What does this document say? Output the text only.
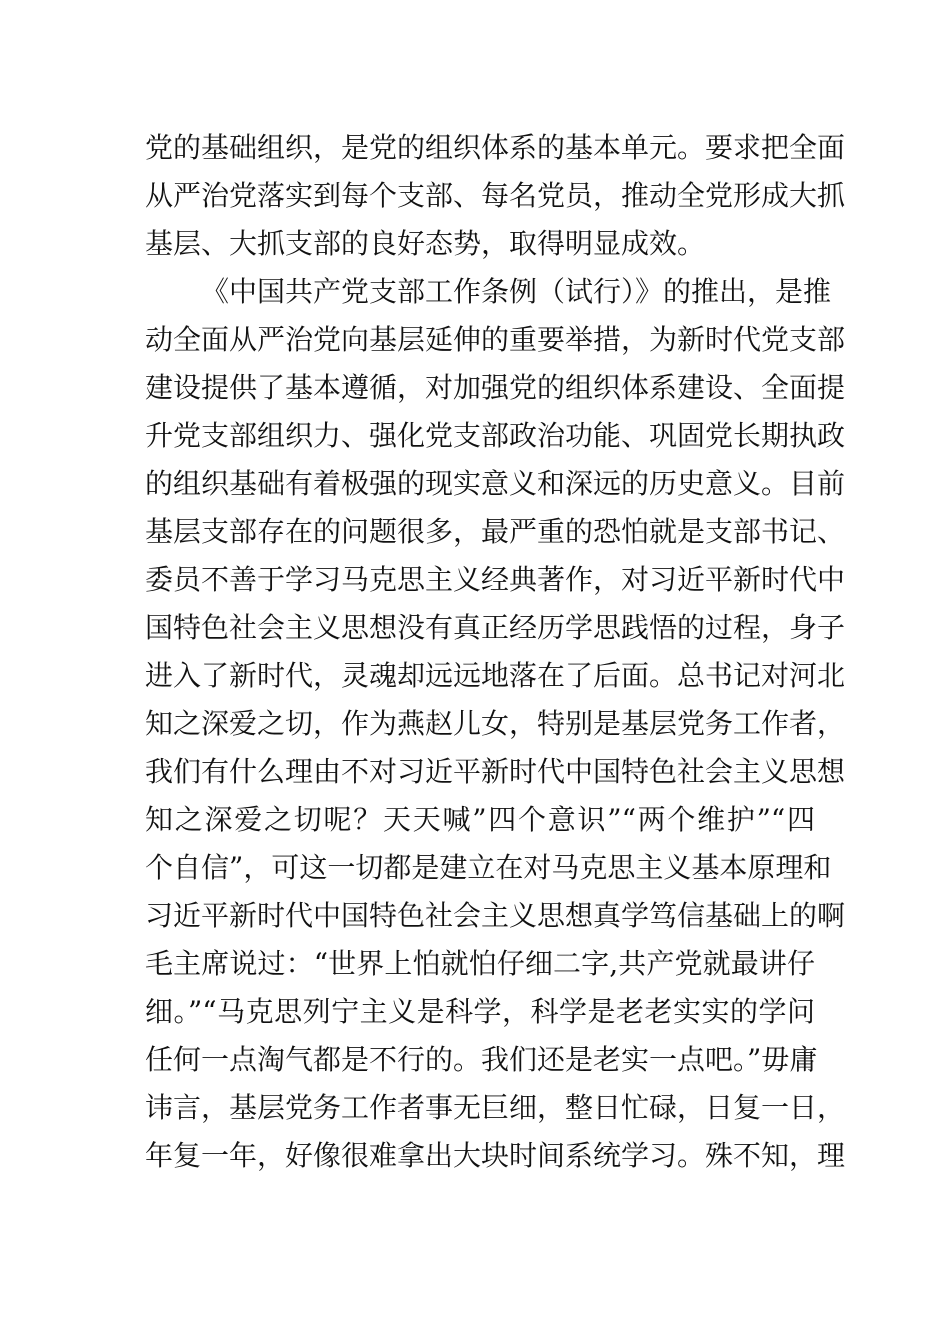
党的基础组织，是党的组织体系的基本单元。要求把全面
从严治党落实到每个支部、每名党员，推动全党形成大抓
基层、大抓支部的良好态势，取得明显成效。
《中国共产党支部工作条例（试行）》的推出，是推
动全面从严治党向基层延伸的重要举措，为新时代党支部
建设提供了基本遵循，对加强党的组织体系建设、全面提
升党支部组织力、强化党支部政治功能、巩固党长期执政
的组织基础有着极强的现实意义和深远的历史意义。目前
基层支部存在的问题很多，最严重的恐怕就是支部书记、
委员不善于学习马克思主义经典著作，对习近平新时代中
国特色社会主义思想没有真正经历学思践悟的过程，身子
进入了新时代，灵魂却远远地落在了后面。总书记对河北
知之深爱之切，作为燕赵儿女，特别是基层党务工作者，
我们有什么理由不对习近平新时代中国特色社会主义思想
知之深爱之切呢？天天喊”四个意识”“两个维护”“四
个自信”，可这一切都是建立在对马克思主义基本原理和
习近平新时代中国特色社会主义思想真学笃信基础上的啊
毛主席说过：“世界上怕就怕仔细二字,共产党就最讲仔
细。”“马克思列宁主义是科学，科学是老老实实的学问
任何一点淘气都是不行的。我们还是老实一点吧。”毋庸
讳言，基层党务工作者事无巨细，整日忙碌，日复一日，
年复一年，好像很难拿出大块时间系统学习。殊不知，理
